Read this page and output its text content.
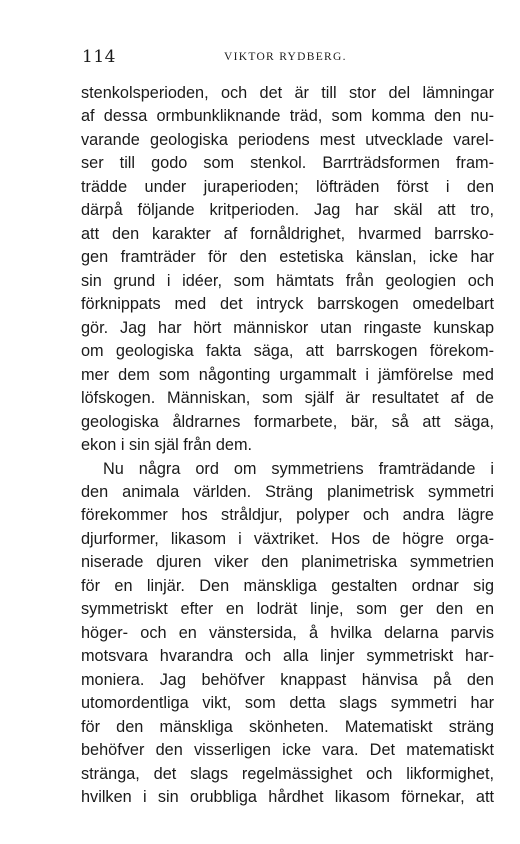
114	VIKTOR RYDBERG.
stenkolsperioden, och det är till stor del lämningar
af dessa ormbunkliknande träd, som komma den nu-
varande geologiska periodens mest utvecklade varel-
ser till godo som stenkol. Barrträdsformen fram-
trädde under juraperioden; löfträden först i den
därpå följande kritperioden. Jag har skäl att tro,
att den karakter af fornåldrighet, hvarmed barrsko-
gen framträder för den estetiska känslan, icke har
sin grund i idéer, som hämtats från geologien och
förknippats med det intryck barrskogen omedelbart
gör. Jag har hört människor utan ringaste kunskap
om geologiska fakta säga, att barrskogen förekom-
mer dem som någonting urgammalt i jämförelse med
löfskogen. Människan, som själf är resultatet af de
geologiska åldrarnes formarbete, bär, så att säga,
ekon i sin själ från dem.
Nu några ord om symmetriens framträdande i
den animala världen. Sträng planimetrisk symmetri
förekommer hos stråldjur, polyper och andra lägre
djurformer, likasom i växtriket. Hos de högre orga-
niserade djuren viker den planimetriska symmetrien
för en linjär. Den mänskliga gestalten ordnar sig
symmetriskt efter en lodrät linje, som ger den en
höger- och en vänstersida, å hvilka delarna parvis
motsvara hvarandra och alla linjer symmetriskt har-
moniera. Jag behöfver knappast hänvisa på den
utomordentliga vikt, som detta slags symmetri har
för den mänskliga skönheten. Matematiskt sträng
behöfver den visserligen icke vara. Det matematiskt
stränga, det slags regelmässighet och likformighet,
hvilken i sin orubbliga hårdhet likasom förnekar, att
